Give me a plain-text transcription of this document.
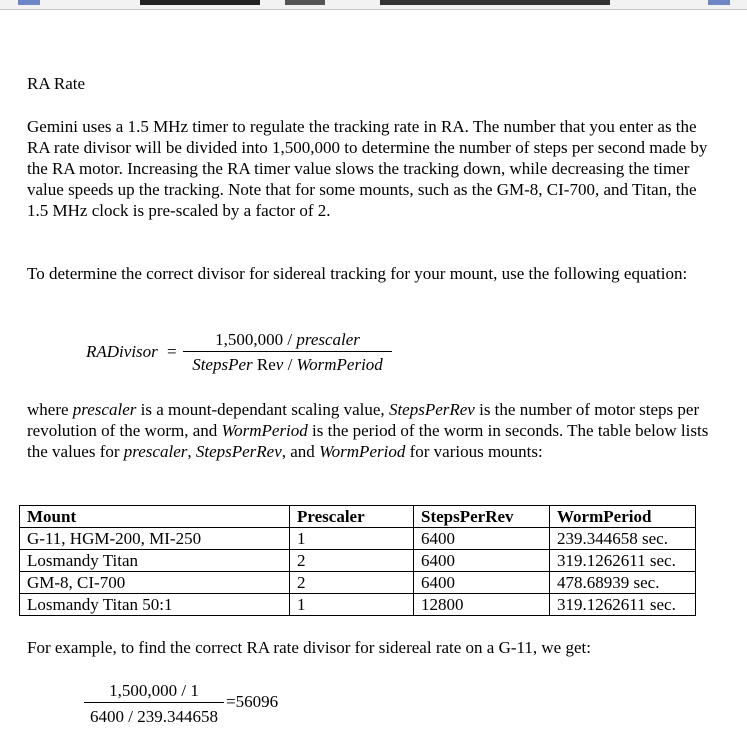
RA Rate
Gemini uses a 1.5 MHz timer to regulate the tracking rate in RA. The number that you enter as the RA rate divisor will be divided into 1,500,000 to determine the number of steps per second made by the RA motor. Increasing the RA timer value slows the tracking down, while decreasing the timer value speeds up the tracking. Note that for some mounts, such as the GM-8, CI-700, and Titan, the 1.5 MHz clock is pre-scaled by a factor of 2.
To determine the correct divisor for sidereal tracking for your mount, use the following equation:
RADivisor =
1,500,000 / prescaler
StepsPer Rev / WormPeriod
where prescaler is a mount-dependant scaling value, StepsPerRev is the number of motor steps per revolution of the worm, and WormPeriod is the period of the worm in seconds. The table below lists the values for prescaler, StepsPerRev, and WormPeriod for various mounts:
Mount	Prescaler	StepsPerRev	WormPeriod
G-11, HGM-200, MI-250	1	6400	239.344658 sec.
Losmandy Titan	2	6400	319.1262611 sec.
GM-8, CI-700	2	6400	478.68939 sec.
Losmandy Titan 50:1	1	12800	319.1262611 sec.
For example, to find the correct RA rate divisor for sidereal rate on a G-11, we get:
1,500,000 / 1
6400 / 239.344658
=56096
